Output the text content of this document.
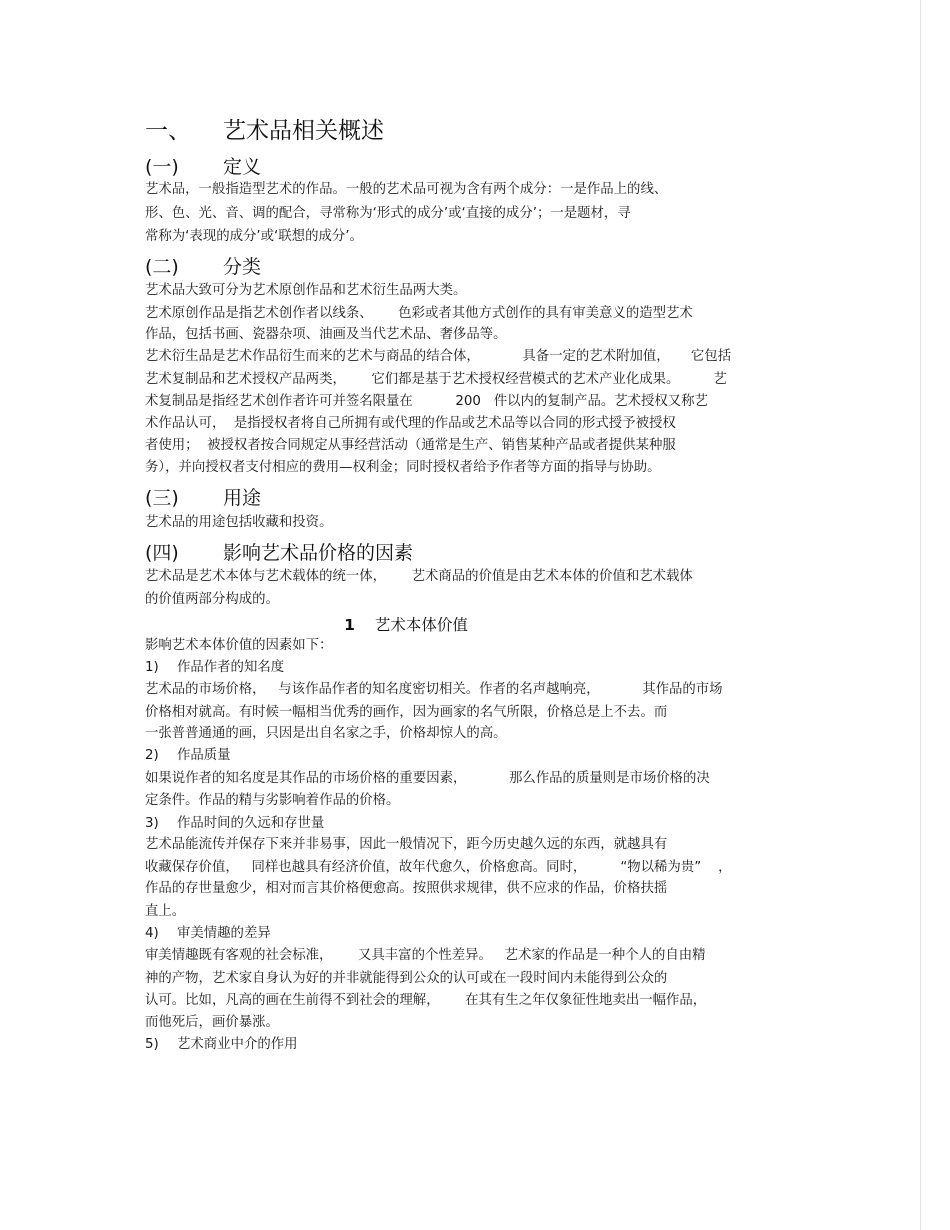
一、 艺术品相关概述
(一) 定义
艺术品，一般指造型艺术的作品。一般的艺术品可视为含有两个成分：一是作品上的线、
形、色、光、音、调的配合，寻常称为‘形式的成分’或‘直接的成分’；一是题材，寻
常称为‘表现的成分’或‘联想的成分’。
(二) 分类
艺术品大致可分为艺术原创作品和艺术衍生品两大类。
艺术原创作品是指艺术创作者以线条、      色彩或者其他方式创作的具有审美意义的造型艺术
作品，包括书画、瓷器杂项、油画及当代艺术品、奢侈品等。
艺术衍生品是艺术作品衍生而来的艺术与商品的结合体，          具备一定的艺术附加值，     它包括
艺术复制品和艺术授权产品两类，      它们都是基于艺术授权经营模式的艺术产业化成果。        艺
术复制品是指经艺术创作者许可并签名限量在          200   件以内的复制产品。艺术授权又称艺
术作品认可，  是指授权者将自己所拥有或代理的作品或艺术品等以合同的形式授予被授权
者使用；  被授权者按合同规定从事经营活动（通常是生产、销售某种产品或者提供某种服
务），并向授权者支付相应的费用—权利金；同时授权者给予作者等方面的指导与协助。
(三) 用途
艺术品的用途包括收藏和投资。
(四) 影响艺术品价格的因素
艺术品是艺术本体与艺术载体的统一体，      艺术商品的价值是由艺术本体的价值和艺术载体
的价值两部分构成的。
1 艺术本体价值
影响艺术本体价值的因素如下：
1) 作品作者的知名度
艺术品的市场价格，   与该作品作者的知名度密切相关。作者的名声越响亮，          其作品的市场
价格相对就高。有时候一幅相当优秀的画作，因为画家的名气所限，价格总是上不去。而
一张普普通通的画，只因是出自名家之手，价格却惊人的高。
2) 作品质量
如果说作者的知名度是其作品的市场价格的重要因素，          那么作品的质量则是市场价格的决
定条件。作品的精与劣影响着作品的价格。
3) 作品时间的久远和存世量
艺术品能流传并保存下来并非易事，因此一般情况下，距今历史越久远的东西，就越具有
收藏保存价值，   同样也越具有经济价值，故年代愈久，价格愈高。同时，        “物以稀为贵”    ，
作品的存世量愈少，相对而言其价格便愈高。按照供求规律，供不应求的作品，价格扶摇
直上。
4) 审美情趣的差异
审美情趣既有客观的社会标准，      又具丰富的个性差异。   艺术家的作品是一种个人的自由精
神的产物，艺术家自身认为好的并非就能得到公众的认可或在一段时间内未能得到公众的
认可。比如，凡高的画在生前得不到社会的理解，      在其有生之年仅象征性地卖出一幅作品，
而他死后，画价暴涨。
5) 艺术商业中介的作用
